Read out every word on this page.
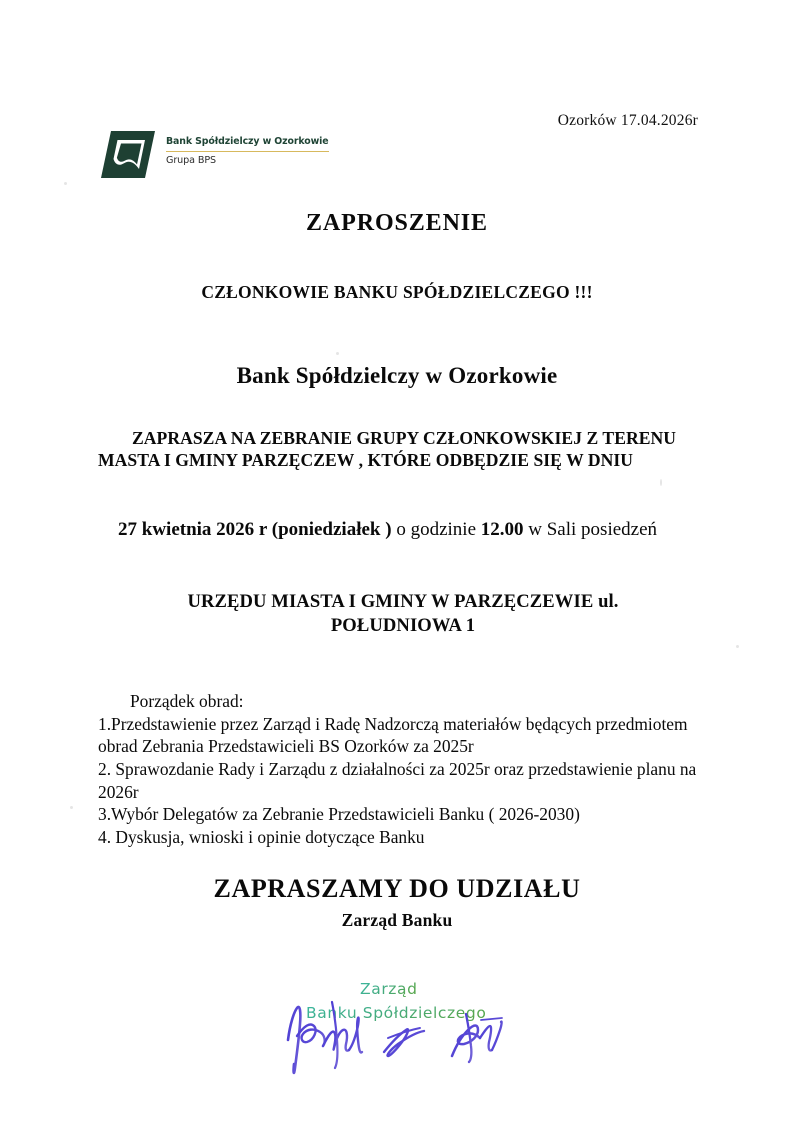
Ozorków 17.04.2026r
Bank Spółdzielczy w Ozorkowie
Grupa BPS
ZAPROSZENIE
CZŁONKOWIE BANKU SPÓŁDZIELCZEGO !!!
Bank Spółdzielczy w Ozorkowie
ZAPRASZA NA ZEBRANIE GRUPY CZŁONKOWSKIEJ Z TERENU MASTA I GMINY PARZĘCZEW , KTÓRE ODBĘDZIE SIĘ W DNIU
27 kwietnia 2026 r (poniedziałek ) o godzinie 12.00 w Sali posiedzeń
URZĘDU MIASTA I GMINY W PARZĘCZEWIE ul.
POŁUDNIOWA 1
Porządek obrad:
1.Przedstawienie przez Zarząd i Radę Nadzorczą materiałów będących przedmiotem obrad Zebrania Przedstawicieli BS Ozorków za 2025r
2. Sprawozdanie Rady i Zarządu z działalności za 2025r oraz przedstawienie planu na 2026r
3.Wybór Delegatów za Zebranie Przedstawicieli Banku ( 2026-2030)
4. Dyskusja, wnioski i opinie dotyczące Banku
ZAPRASZAMY DO UDZIAŁU
Zarząd Banku
Zarząd
Banku Spółdzielczego
